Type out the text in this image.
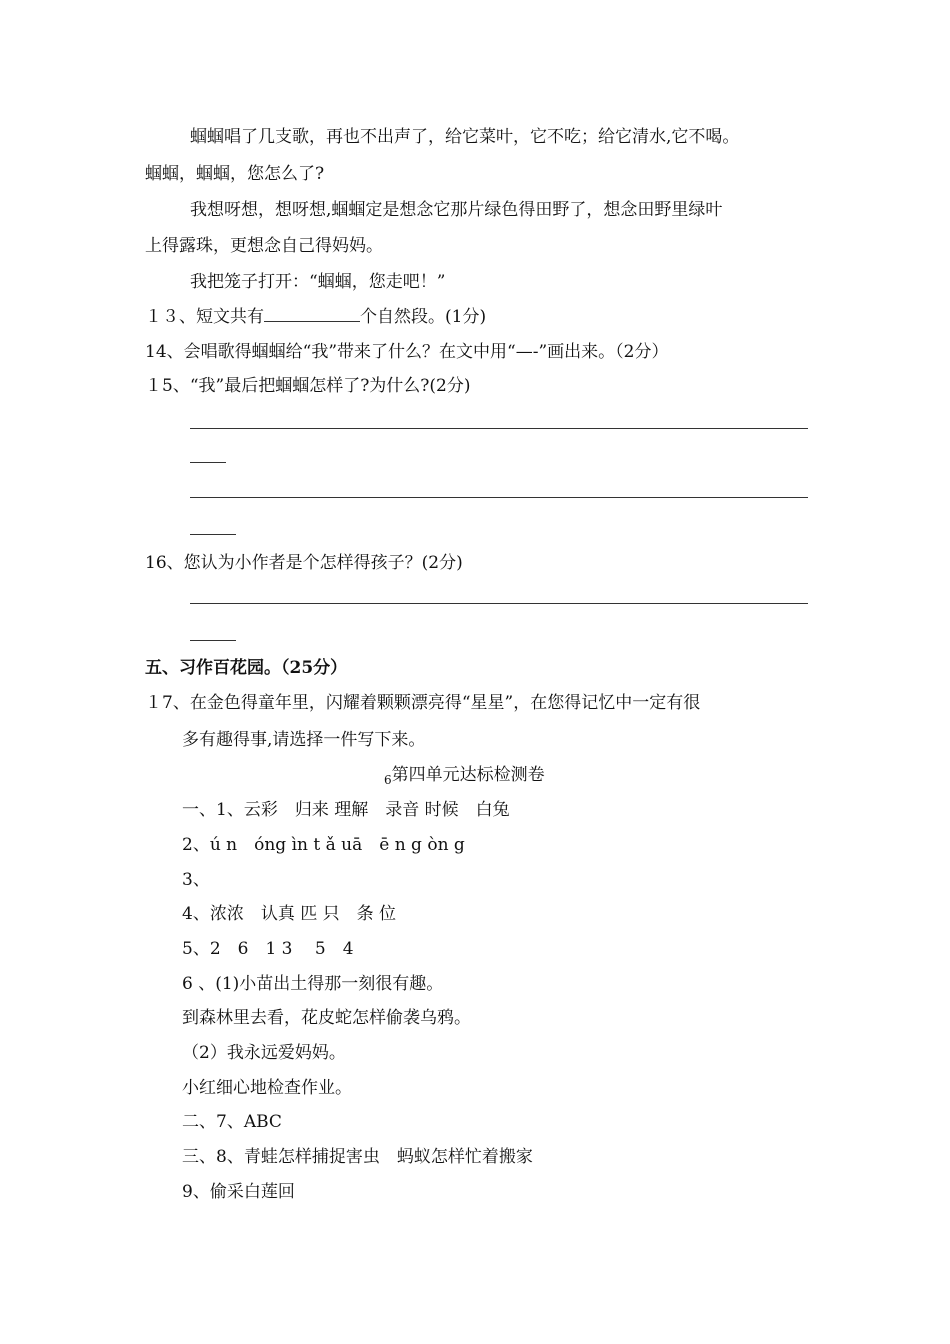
蝈蝈唱了几支歌，再也不出声了，给它菜叶，它不吃；给它清水,它不喝。
蝈蝈，蝈蝈，您怎么了?
我想呀想，想呀想,蝈蝈定是想念它那片绿色得田野了，想念田野里绿叶
上得露珠，更想念自己得妈妈。
我把笼子打开：“蝈蝈，您走吧！”
１３、短文共有	个自然段。(1分)
14、会唱歌得蝈蝈给“我”带来了什么？在文中用“—-”画出来。（2分）
１5、“我”最后把蝈蝈怎样了?为什么?(2分)
16、您认为小作者是个怎样得孩子？(2分)
五、习作百花园。（25分）
１7、在金色得童年里，闪耀着颗颗漂亮得“星星”，在您得记忆中一定有很
多有趣得事,请选择一件写下来。
$_6$第四单元达标检测卷
一、1、云彩　归来 理解　录音 时候　白兔
2、ú n　óng ìn t ǎ uā　ē n g òn g
3、
4、浓浓　认真 匹 只　条 位
5、2　6　1 3　 5　4
6 、(1)小苗出土得那一刻很有趣。
到森林里去看，花皮蛇怎样偷袭乌鸦。
（2）我永远爱妈妈。
小红细心地检查作业。
二、7、ABC
三、8、青蛙怎样捕捉害虫　蚂蚁怎样忙着搬家
9、偷采白莲回
